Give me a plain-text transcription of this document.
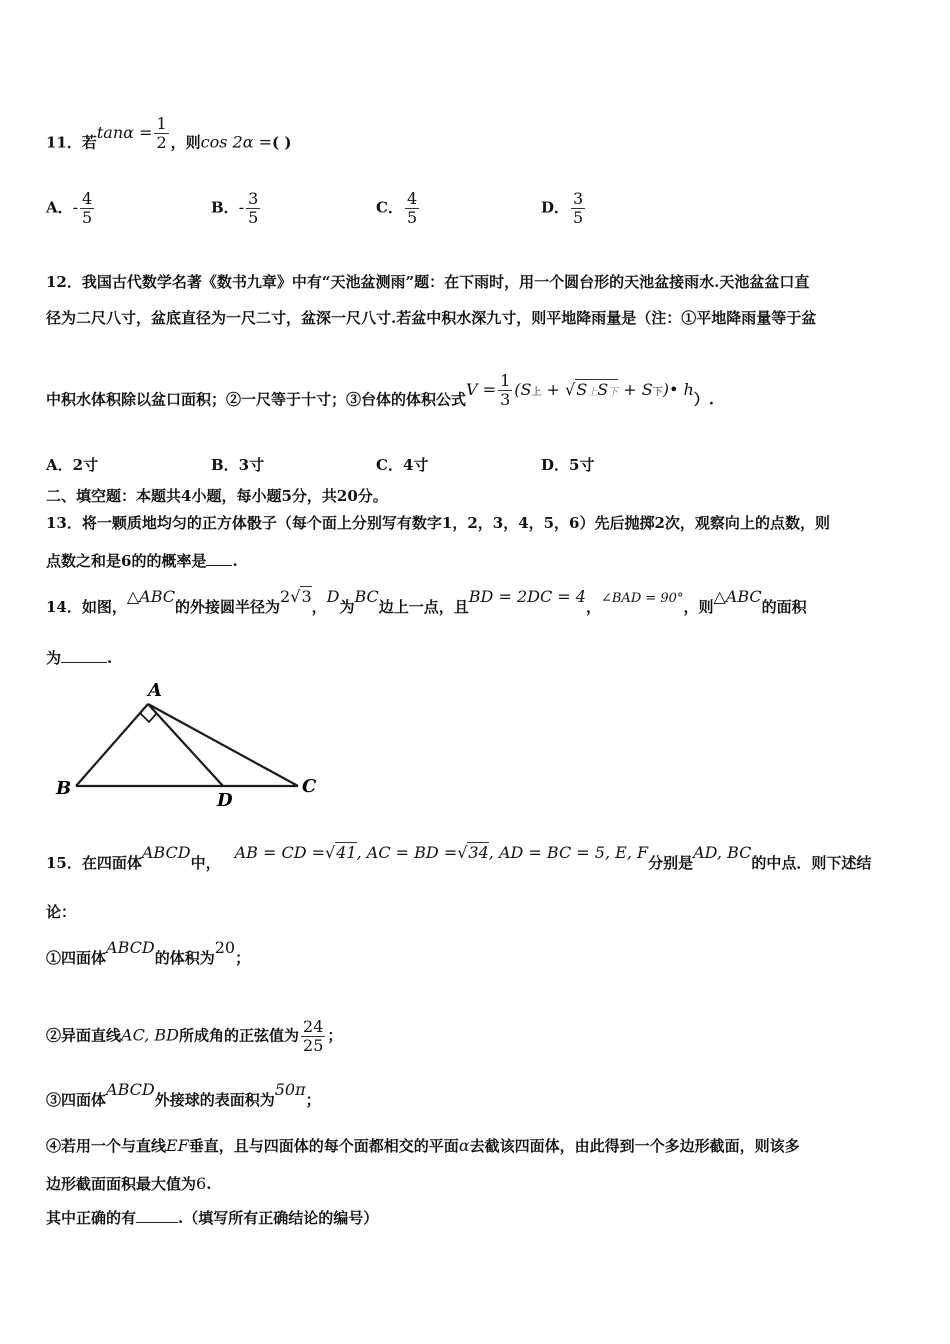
11．若$\tan\alpha = \frac{1}{2}$ ，则cos 2α =( )
A．- $\frac{4}{5}$	B．- $\frac{3}{5}$	C． $\frac{4}{5}$	D． $\frac{3}{5}$
12．我国古代数学名著《数书九章》中有“天池盆测雨”题：在下雨时，用一个圆台形的天池盆接雨水.天池盆盆口直
径为二尺八寸，盆底直径为一尺二寸，盆深一尺八寸.若盆中积水深九寸，则平地降雨量是（注：①平地降雨量等于盆
中积水体积除以盆口面积；②一尺等于十寸；③台体的体积公式$V = \frac{1}{3} (S$上 + √S上S下 + S下)• h）.
A．2寸	B．3寸	C．4寸	D．5寸
二、填空题：本题共4小题，每小题5分，共20分。
13．将一颗质地均匀的正方体骰子（每个面上分别写有数字1，2，3，4，5，6）先后抛掷2次，观察向上的点数，则
点数之和是6的的概率是 .
14．如图，△ABC的外接圆半径为2√3，D为BC边上一点，且BD = 2DC = 4，∠BAD = 90°，则△ABC的面积
为	.
A
B	C
D
15．在四面体ABCD中，AB = CD =√41, AC = BD =√34, AD = BC = 5, E, F分别是AD, BC的中点．则下述结
论：
①四面体ABCD的体积为20；
②异面直线AC, BD所成角的正弦值为 $\frac{24}{25}$ ；
③四面体ABCD外接球的表面积为50π；
④若用一个与直线EF垂直，且与四面体的每个面都相交的平面α去截该四面体，由此得到一个多边形截面，则该多
边形截面面积最大值为6.
其中正确的有	.（填写所有正确结论的编号）
